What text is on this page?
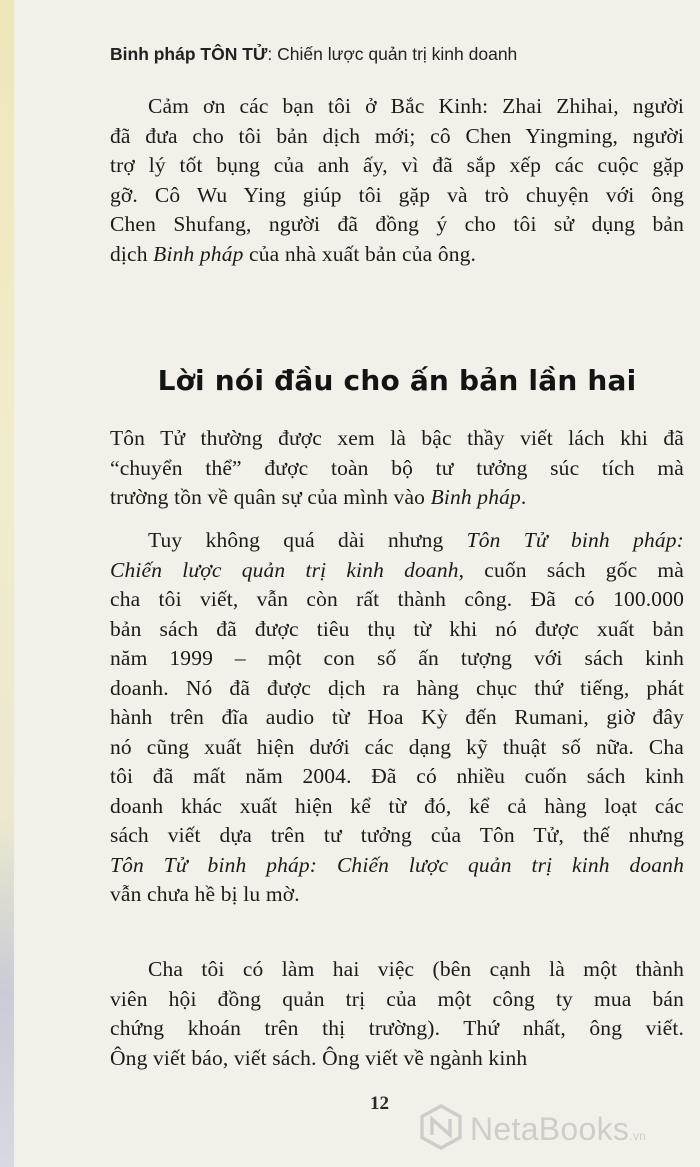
Binh pháp TÔN TỬ: Chiến lược quản trị kinh doanh
Cảm ơn các bạn tôi ở Bắc Kinh: Zhai Zhihai, người
đã đưa cho tôi bản dịch mới; cô Chen Yingming, người
trợ lý tốt bụng của anh ấy, vì đã sắp xếp các cuộc gặp
gỡ. Cô Wu Ying giúp tôi gặp và trò chuyện với ông
Chen Shufang, người đã đồng ý cho tôi sử dụng bản
dịch Binh pháp của nhà xuất bản của ông.
Lời nói đầu cho ấn bản lần hai
Tôn Tử thường được xem là bậc thầy viết lách khi đã
“chuyển thể” được toàn bộ tư tưởng súc tích mà
trường tồn về quân sự của mình vào Binh pháp.
Tuy không quá dài nhưng Tôn Tử binh pháp:
Chiến lược quản trị kinh doanh, cuốn sách gốc mà
cha tôi viết, vẫn còn rất thành công. Đã có 100.000
bản sách đã được tiêu thụ từ khi nó được xuất bản
năm 1999 – một con số ấn tượng với sách kinh
doanh. Nó đã được dịch ra hàng chục thứ tiếng, phát
hành trên đĩa audio từ Hoa Kỳ đến Rumani, giờ đây
nó cũng xuất hiện dưới các dạng kỹ thuật số nữa. Cha
tôi đã mất năm 2004. Đã có nhiều cuốn sách kinh
doanh khác xuất hiện kể từ đó, kể cả hàng loạt các
sách viết dựa trên tư tưởng của Tôn Tử, thế nhưng
Tôn Tử binh pháp: Chiến lược quản trị kinh doanh
vẫn chưa hề bị lu mờ.
Cha tôi có làm hai việc (bên cạnh là một thành
viên hội đồng quản trị của một công ty mua bán
chứng khoán trên thị trường). Thứ nhất, ông viết.
Ông viết báo, viết sách. Ông viết về ngành kinh
12
NetaBooks.vn
